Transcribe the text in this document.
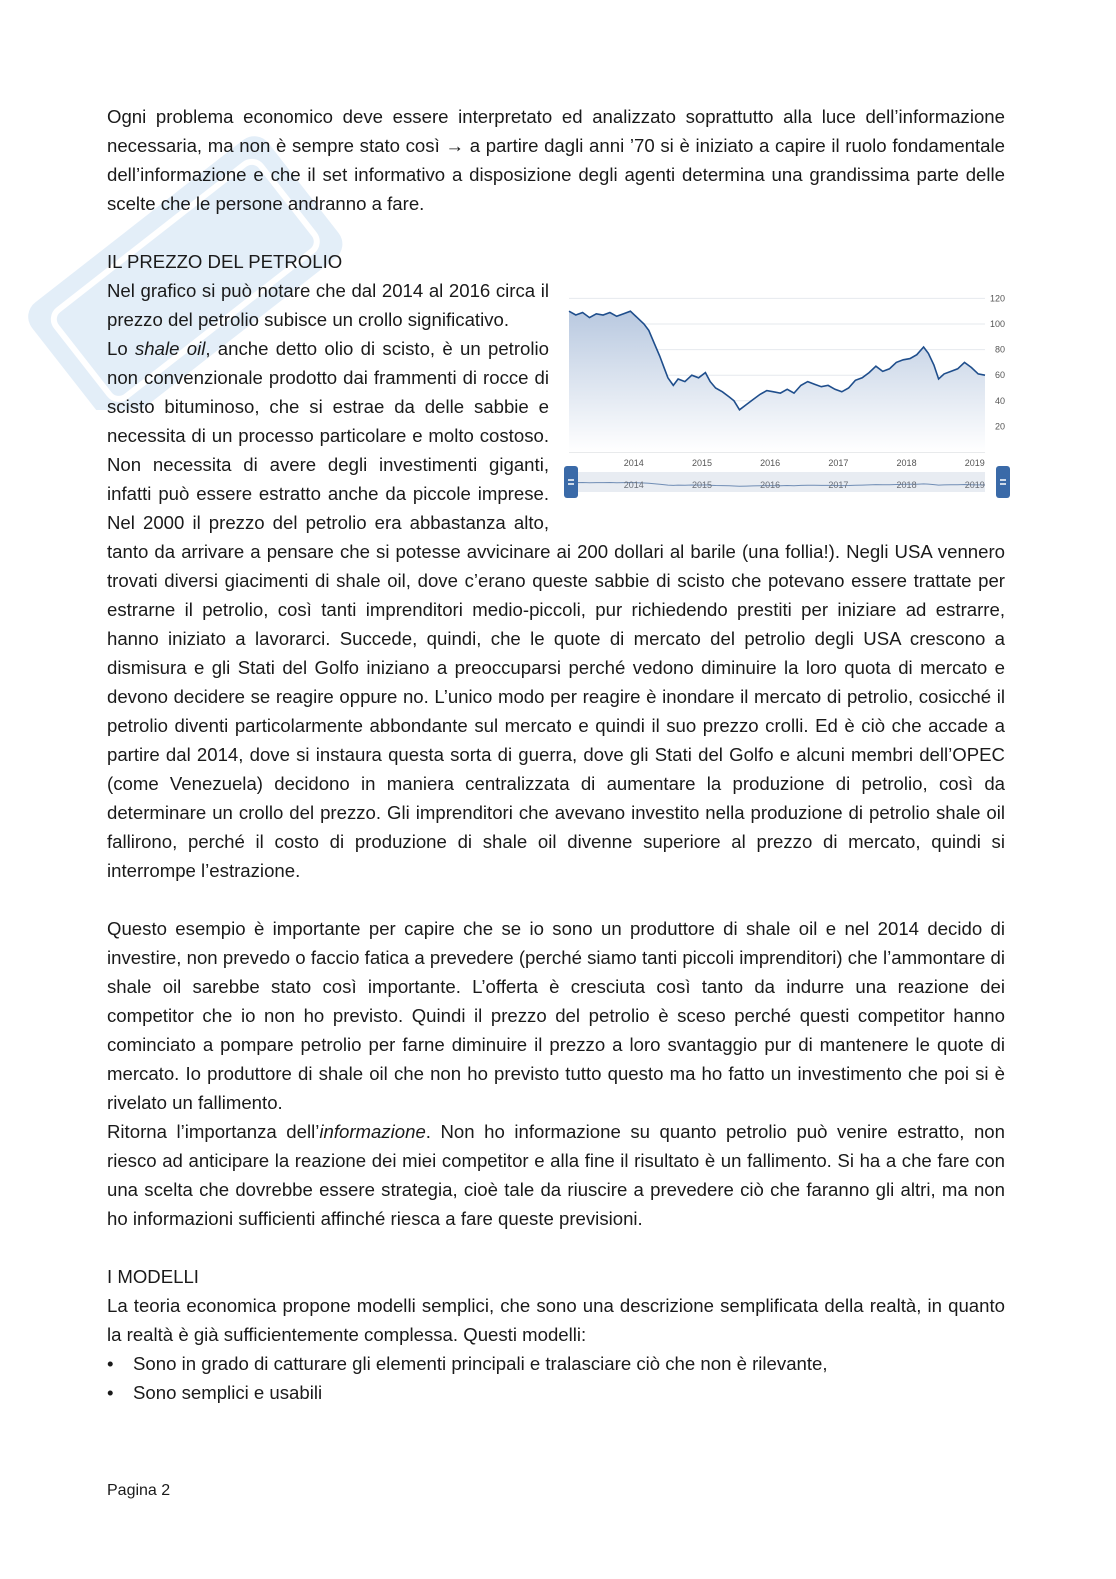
Ogni problema economico deve essere interpretato ed analizzato soprattutto alla luce dell’informazione necessaria, ma non è sempre stato così → a partire dagli anni ’70 si è iniziato a capire il ruolo fondamentale dell’informazione e che il set informativo a disposizione degli agenti determina una grandissima parte delle scelte che le persone andranno a fare.

IL PREZZO DEL PETROLIO
20
40
60
80
100
120
2014	2015	2016	2017	2018	2019
2014	2015	2016	2017	2018	2019

Nel grafico si può notare che dal 2014 al 2016 circa il prezzo del petrolio subisce un crollo significativo.

Lo shale oil, anche detto olio di scisto, è un petrolio non convenzionale prodotto dai frammenti di rocce di scisto bituminoso, che si estrae da delle sabbie e necessita di un processo particolare e molto costoso. Non necessita di avere degli investimenti giganti, infatti può essere estratto anche da piccole imprese. Nel 2000 il prezzo del petrolio era abbastanza alto, tanto da arrivare a pensare che si potesse avvicinare ai 200 dollari al barile (una follia!). Negli USA vennero trovati diversi giacimenti di shale oil, dove c’erano queste sabbie di scisto che potevano essere trattate per estrarne il petrolio, così tanti imprenditori medio-piccoli, pur richiedendo prestiti per iniziare ad estrarre, hanno iniziato a lavorarci. Succede, quindi, che le quote di mercato del petrolio degli USA crescono a dismisura e gli Stati del Golfo iniziano a preoccuparsi perché vedono diminuire la loro quota di mercato e devono decidere se reagire oppure no. L’unico modo per reagire è inondare il mercato di petrolio, cosicché il petrolio diventi particolarmente abbondante sul mercato e quindi il suo prezzo crolli. Ed è ciò che accade a partire dal 2014, dove si instaura questa sorta di guerra, dove gli Stati del Golfo e alcuni membri dell’OPEC (come Venezuela) decidono in maniera centralizzata di aumentare la produzione di petrolio, così da determinare un crollo del prezzo. Gli imprenditori che avevano investito nella produzione di petrolio shale oil fallirono, perché il costo di produzione di shale oil divenne superiore al prezzo di mercato, quindi si interrompe l’estrazione.

Questo esempio è importante per capire che se io sono un produttore di shale oil e nel 2014 decido di investire, non prevedo o faccio fatica a prevedere (perché siamo tanti piccoli imprenditori) che l’ammontare di shale oil sarebbe stato così importante. L’offerta è cresciuta così tanto da indurre una reazione dei competitor che io non ho previsto. Quindi il prezzo del petrolio è sceso perché questi competitor hanno cominciato a pompare petrolio per farne diminuire il prezzo a loro svantaggio pur di mantenere le quote di mercato. Io produttore di shale oil che non ho previsto tutto questo ma ho fatto un investimento che poi si è rivelato un fallimento.

Ritorna l’importanza dell’informazione. Non ho informazione su quanto petrolio può venire estratto, non riesco ad anticipare la reazione dei miei competitor e alla fine il risultato è un fallimento. Si ha a che fare con una scelta che dovrebbe essere strategia, cioè tale da riuscire a prevedere ciò che faranno gli altri, ma non ho informazioni sufficienti affinché riesca a fare queste previsioni.

I MODELLI

La teoria economica propone modelli semplici, che sono una descrizione semplificata della realtà, in quanto la realtà è già sufficientemente complessa. Questi modelli:

•	Sono in grado di catturare gli elementi principali e tralasciare ciò che non è rilevante,
•	Sono semplici e usabili
Pagina 2
